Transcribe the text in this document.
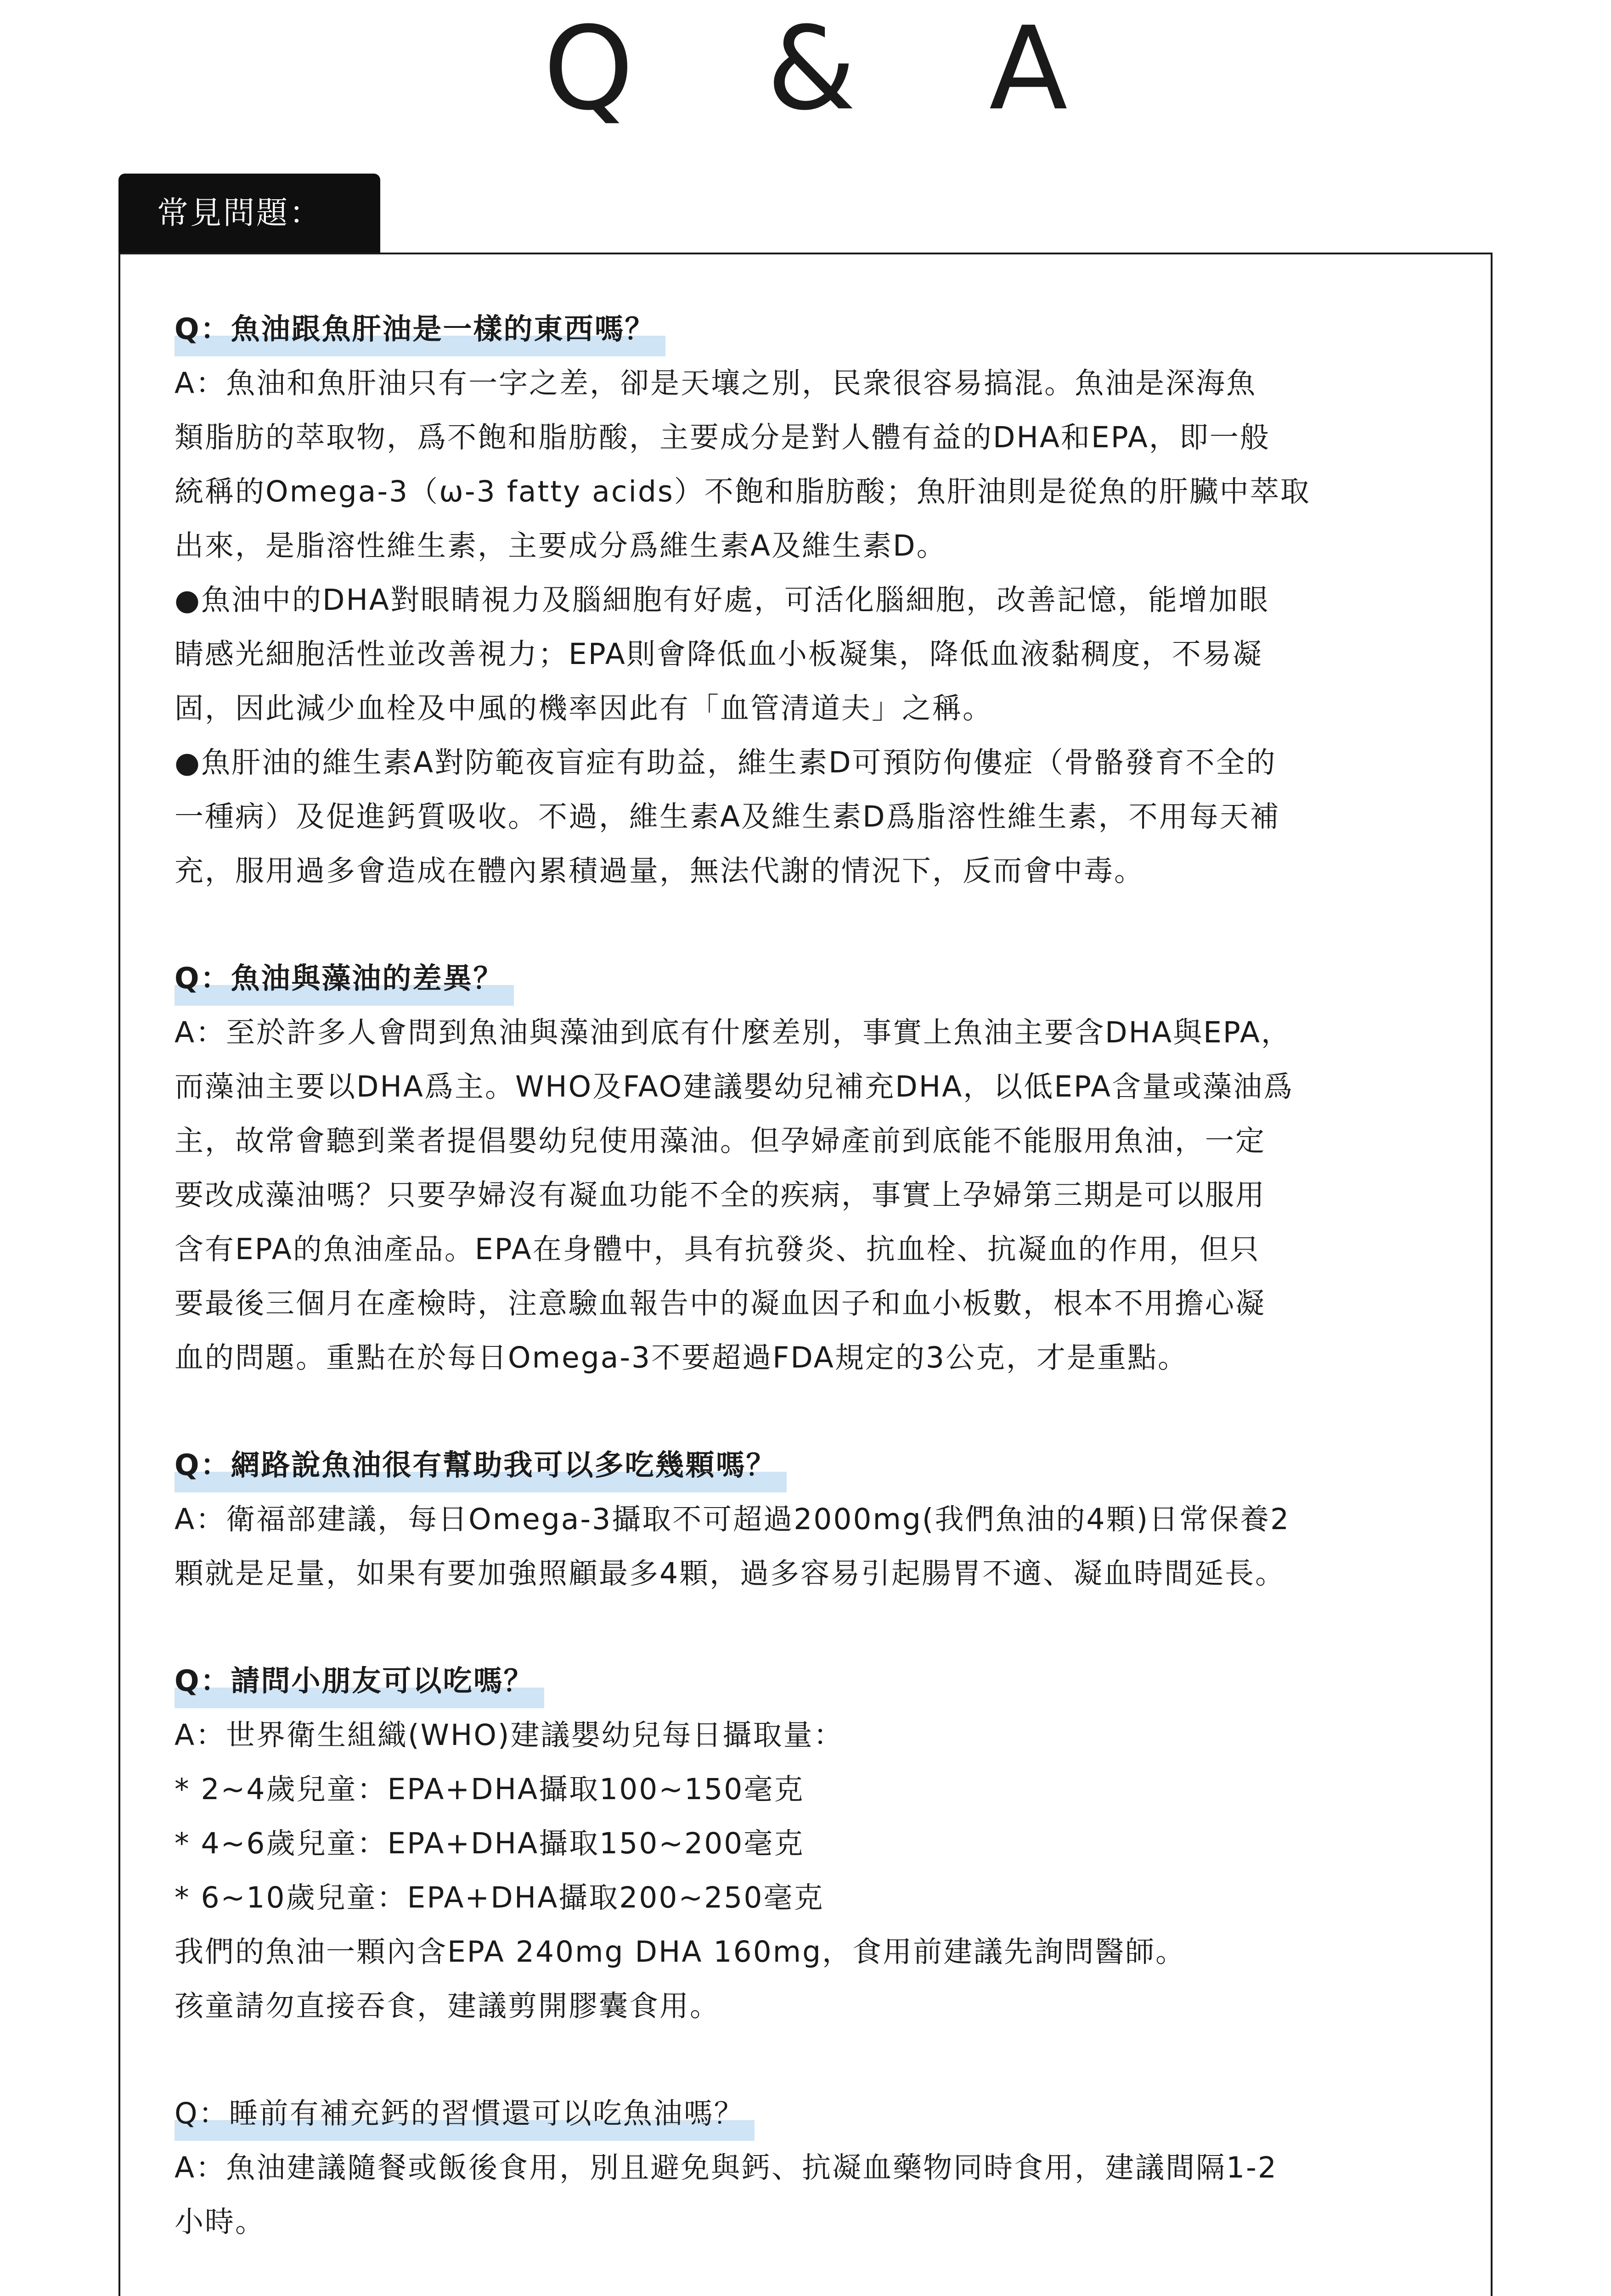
Q & A
常見問題：
Q：魚油跟魚肝油是一樣的東西嗎？
A：魚油和魚肝油只有一字之差，卻是天壤之別，民衆很容易搞混。魚油是深海魚
類脂肪的萃取物，爲不飽和脂肪酸，主要成分是對人體有益的DHA和EPA，即一般
統稱的Omega-3（ω-3 fatty acids）不飽和脂肪酸；魚肝油則是從魚的肝臟中萃取
出來，是脂溶性維生素，主要成分爲維生素A及維生素D。
●魚油中的DHA對眼睛視力及腦細胞有好處，可活化腦細胞，改善記憶，能增加眼
睛感光細胞活性並改善視力；EPA則會降低血小板凝集，降低血液黏稠度，不易凝
固，因此減少血栓及中風的機率因此有「血管清道夫」之稱。
●魚肝油的維生素A對防範夜盲症有助益，維生素D可預防佝僂症（骨骼發育不全的
一種病）及促進鈣質吸收。不過，維生素A及維生素D爲脂溶性維生素，不用每天補
充，服用過多會造成在體內累積過量，無法代謝的情況下，反而會中毒。
Q：魚油與藻油的差異？
A：至於許多人會問到魚油與藻油到底有什麼差別，事實上魚油主要含DHA與EPA，
而藻油主要以DHA爲主。WHO及FAO建議嬰幼兒補充DHA，以低EPA含量或藻油爲
主，故常會聽到業者提倡嬰幼兒使用藻油。但孕婦產前到底能不能服用魚油，一定
要改成藻油嗎？只要孕婦沒有凝血功能不全的疾病，事實上孕婦第三期是可以服用
含有EPA的魚油產品。EPA在身體中，具有抗發炎、抗血栓、抗凝血的作用，但只
要最後三個月在產檢時，注意驗血報告中的凝血因子和血小板數，根本不用擔心凝
血的問題。重點在於每日Omega-3不要超過FDA規定的3公克，才是重點。
Q：網路說魚油很有幫助我可以多吃幾顆嗎？
A：衛福部建議，每日Omega-3攝取不可超過2000mg(我們魚油的4顆)日常保養2
顆就是足量，如果有要加強照顧最多4顆，過多容易引起腸胃不適、凝血時間延長。
Q：請問小朋友可以吃嗎？
A：世界衛生組織(WHO)建議嬰幼兒每日攝取量：
* 2~4歲兒童：EPA+DHA攝取100~150毫克
* 4~6歲兒童：EPA+DHA攝取150~200毫克
* 6~10歲兒童：EPA+DHA攝取200~250毫克
我們的魚油一顆內含EPA 240mg DHA 160mg，食用前建議先詢問醫師。
孩童請勿直接吞食，建議剪開膠囊食用。
Q：睡前有補充鈣的習慣還可以吃魚油嗎？
A：魚油建議隨餐或飯後食用，別且避免與鈣、抗凝血藥物同時食用，建議間隔1-2
小時。
